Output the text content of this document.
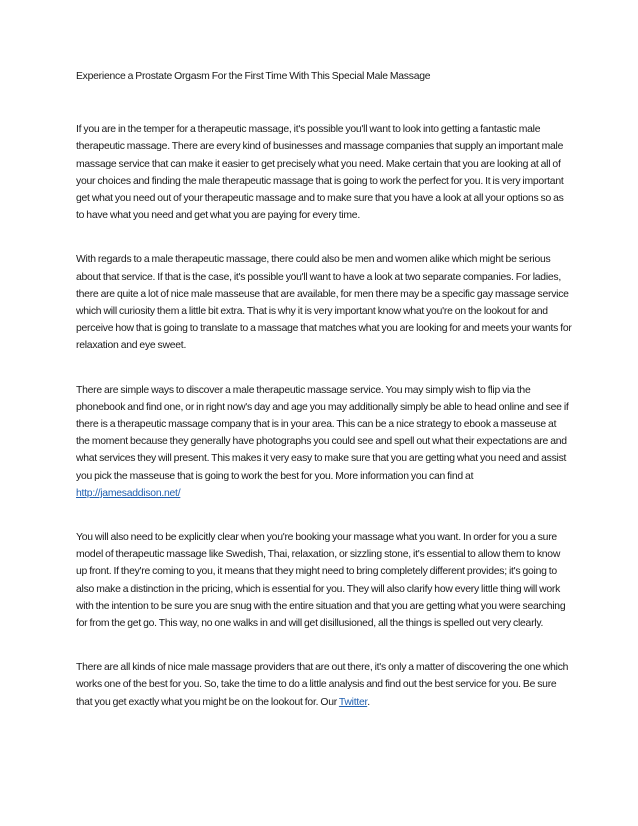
Experience a Prostate Orgasm For the First Time With This Special Male Massage

If you are in the temper for a therapeutic massage, it's possible you'll want to look into getting a fantastic male therapeutic massage. There are every kind of businesses and massage companies that supply an important male massage service that can make it easier to get precisely what you need. Make certain that you are looking at all of your choices and finding the male therapeutic massage that is going to work the perfect for you. It is very important get what you need out of your therapeutic massage and to make sure that you have a look at all your options so as to have what you need and get what you are paying for every time.

With regards to a male therapeutic massage, there could also be men and women alike which might be serious about that service. If that is the case, it's possible you'll want to have a look at two separate companies. For ladies, there are quite a lot of nice male masseuse that are available, for men there may be a specific gay massage service which will curiosity them a little bit extra. That is why it is very important know what you're on the lookout for and perceive how that is going to translate to a massage that matches what you are looking for and meets your wants for relaxation and eye sweet.

There are simple ways to discover a male therapeutic massage service. You may simply wish to flip via the phonebook and find one, or in right now's day and age you may additionally simply be able to head online and see if there is a therapeutic massage company that is in your area. This can be a nice strategy to ebook a masseuse at the moment because they generally have photographs you could see and spell out what their expectations are and what services they will present. This makes it very easy to make sure that you are getting what you need and assist you pick the masseuse that is going to work the best for you. More information you can find at http://jamesaddison.net/

You will also need to be explicitly clear when you're booking your massage what you want. In order for you a sure model of therapeutic massage like Swedish, Thai, relaxation, or sizzling stone, it's essential to allow them to know up front. If they're coming to you, it means that they might need to bring completely different provides; it's going to also make a distinction in the pricing, which is essential for you. They will also clarify how every little thing will work with the intention to be sure you are snug with the entire situation and that you are getting what you were searching for from the get go. This way, no one walks in and will get disillusioned, all the things is spelled out very clearly.

There are all kinds of nice male massage providers that are out there, it's only a matter of discovering the one which works one of the best for you. So, take the time to do a little analysis and find out the best service for you. Be sure that you get exactly what you might be on the lookout for. Our Twitter.
